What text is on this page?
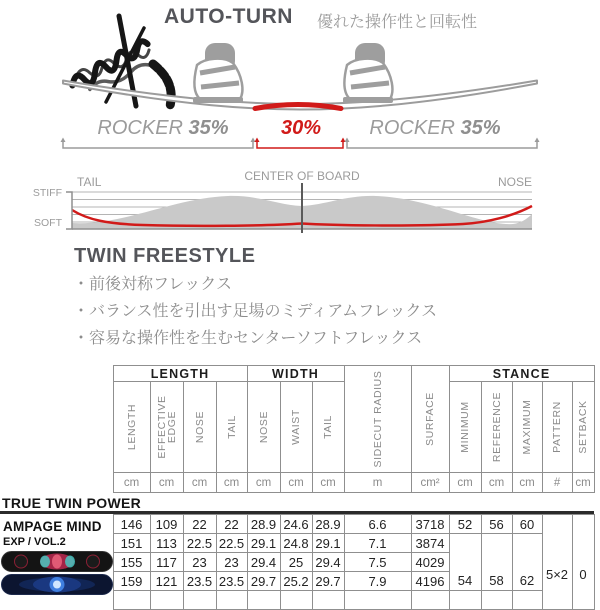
AUTO-TURN 優れた操作性と回転性
ROCKER 35%	30%	ROCKER 35%
TAIL	CENTER OF BOARD	NOSE
STIFF
SOFT
TWIN FREESTYLE
・前後対称フレックス
・バランス性を引出す足場のミディアムフレックス
・容易な操作性を生むセンターソフトフレックス
	LENGTH				WIDTH			SIDECUT RADIUS	SURFACE	STANCE				

	LENGTH	EFFECTIVE EDGE	NOSE	TAIL	NOSE	WAIST	TAIL			MINIMUM	REFERENCE	MAXIMUM	PATTERN	SETBACK

	cm	cm	cm	cm	cm	cm	cm	m	cm²	cm	cm	cm	#	cm
TRUE TWIN POWER
	146	109	22	22	28.9	24.6	28.9	6.6	3718	52	56	60	5×2	0
	151	113	22.5	22.5	29.1	24.8	29.1	7.1	3874	54	58	62		
	155	117	23	23	29.4	25	29.4	7.5	4029					
	159	121	23.5	23.5	29.7	25.2	29.7	7.9	4196					

AMPAGE MIND
EXP / VOL.2
